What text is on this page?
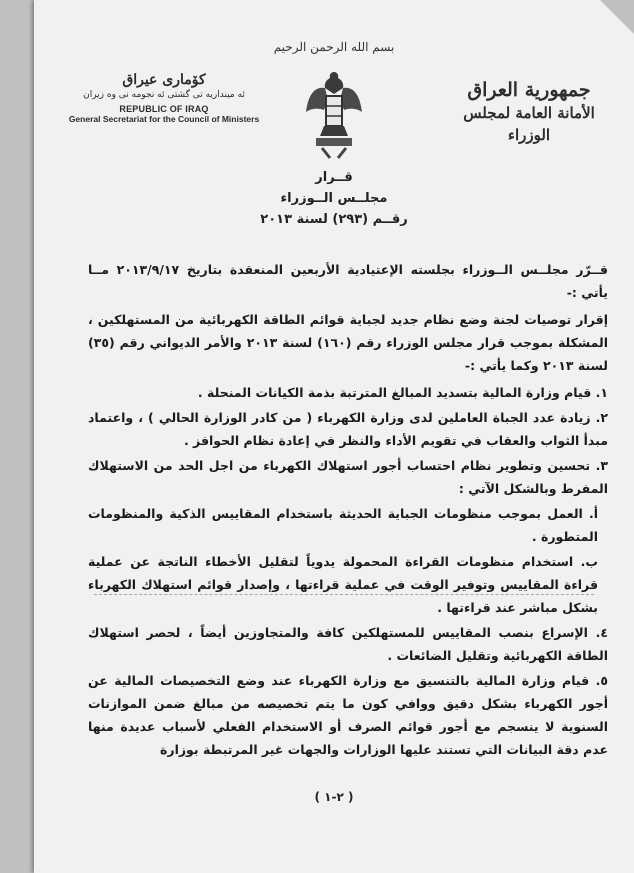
بسم الله الرحمن الرحيم
كۆماری عیراق
ئه مینداریه تی گشتی ئه نجومه نی وه زیران
REPUBLIC OF IRAQ
General Secretariat for the Council of Ministers
جمهورية العراق
الأمانة العامة لمجلس الوزراء
قــرار
مجلــس الــوزراء
رقــم (٢٩٣) لسنة ٢٠١٣

قــرّر مجلــس الــوزراء بجلسته الإعتيادية الأربعين المنعقدة بتاريخ ٢٠١٣/٩/١٧ مــا يأتي :-

إقرار توصيات لجنة وضع نظام جديد لجباية قوائم الطاقة الكهربائية من المستهلكين ، المشكلة بموجب قرار مجلس الوزراء رقم (١٦٠) لسنة ٢٠١٣ والأمر الديواني رقم (٣٥) لسنة ٢٠١٣ وكما يأتي :-

١. قيام وزارة المالية بتسديد المبالغ المترتبة بذمة الكيانات المنحلة .

٢. زيادة عدد الجباة العاملين لدى وزارة الكهرباء ( من كادر الوزارة الحالي ) ، واعتماد مبدأ الثواب والعقاب في تقويم الأداء والنظر في إعادة نظام الحوافز .

٣. تحسين وتطوير نظام احتساب أجور استهلاك الكهرباء من اجل الحد من الاستهلاك المفرط وبالشكل الآتي :

أ. العمل بموجب منظومات الجباية الحديثة باستخدام المقاييس الذكية والمنظومات المتطورة .

ب. استخدام منظومات القراءة المحمولة يدوياً لتقليل الأخطاء الناتجة عن عملية قراءة المقاييس وتوفير الوقت في عملية قراءتها ، وإصدار قوائم استهلاك الكهرباء بشكل مباشر عند قراءتها .

٤. الإسراع بنصب المقاييس للمستهلكين كافة والمتجاوزين أيضاً ، لحصر استهلاك الطاقة الكهربائية وتقليل الضائعات .

٥. قيام وزارة المالية بالتنسيق مع وزارة الكهرباء عند وضع التخصيصات المالية عن أجور الكهرباء بشكل دقيق ووافي كون ما يتم تخصيصه من مبالغ ضمن الموازنات السنوية لا ينسجم مع أجور قوائم الصرف أو الاستخدام الفعلي لأسباب عديدة منها عدم دقة البيانات التي تستند عليها الوزارات والجهات غير المرتبطة بوزارة

( ٢-١ )
